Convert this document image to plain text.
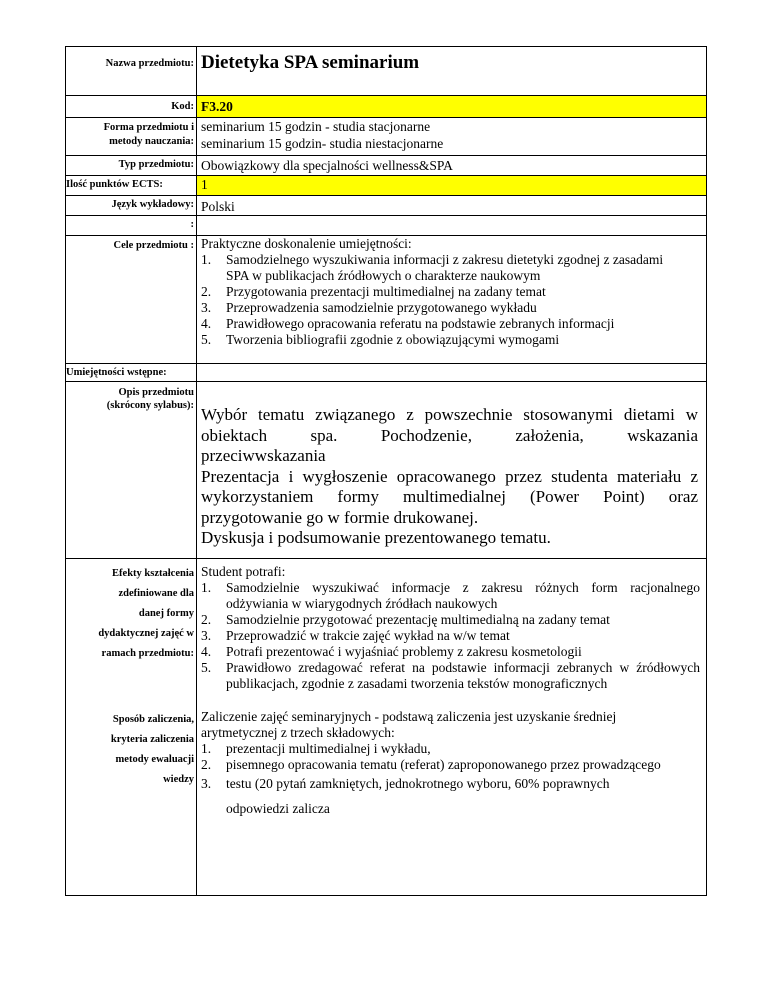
Nazwa przedmiotu: Dietetyka SPA seminarium
Kod: F3.20
Forma przedmiotu i
metody nauczania:
seminarium 15 godzin - studia stacjonarne
seminarium 15 godzin- studia niestacjonarne
Typ przedmiotu: Obowiązkowy dla specjalności wellness&SPA
Ilość punktów ECTS:	1
Język wykładowy: Polski
:
Cele przedmiotu : Praktyczne doskonalenie umiejętności:
1. Samodzielnego wyszukiwania informacji z zakresu dietetyki zgodnej z zasadami SPA w publikacjach źródłowych o charakterze naukowym
2. Przygotowania prezentacji multimedialnej na zadany temat
3. Przeprowadzenia samodzielnie przygotowanego wykładu
4. Prawidłowego opracowania referatu na podstawie zebranych informacji
5. Tworzenia bibliografii zgodnie z obowiązującymi wymogami
Umiejętności wstępne:
Opis przedmiotu
(skrócony sylabus): Wybór tematu związanego z powszechnie stosowanymi dietami w

obiektach spa. Pochodzenie, założenia, wskazania

przeciwwskazania

Prezentacja i wygłoszenie opracowanego przez studenta materiału z

wykorzystaniem formy multimedialnej (Power Point) oraz

przygotowanie go w formie drukowanej.

Dyskusja i podsumowanie prezentowanego tematu.

Efekty kształcenia
zdefiniowane dla
danej formy
dydaktycznej zajęć w
ramach przedmiotu:
Student potrafi:
1. Samodzielnie wyszukiwać informacje z zakresu różnych form racjonalnego odżywiania w wiarygodnych źródłach naukowych
2. Samodzielnie przygotować prezentację multimedialną na zadany temat
3. Przeprowadzić w trakcie zajęć wykład na w/w temat
4. Potrafi prezentować i wyjaśniać problemy z zakresu kosmetologii
5. Prawidłowo zredagować referat na podstawie informacji zebranych w źródłowych publikacjach, zgodnie z zasadami tworzenia tekstów monograficznych
Sposób zaliczenia,
kryteria zaliczenia
metody ewaluacji
wiedzy
Zaliczenie zajęć seminaryjnych - podstawą zaliczenia jest uzyskanie średniej
arytmetycznej z trzech składowych:
1. prezentacji multimedialnej i wykładu,
2. pisemnego opracowania tematu (referat) zaproponowanego przez prowadzącego
3. testu (20 pytań zamkniętych, jednokrotnego wyboru, 60% poprawnych
odpowiedzi zalicza
